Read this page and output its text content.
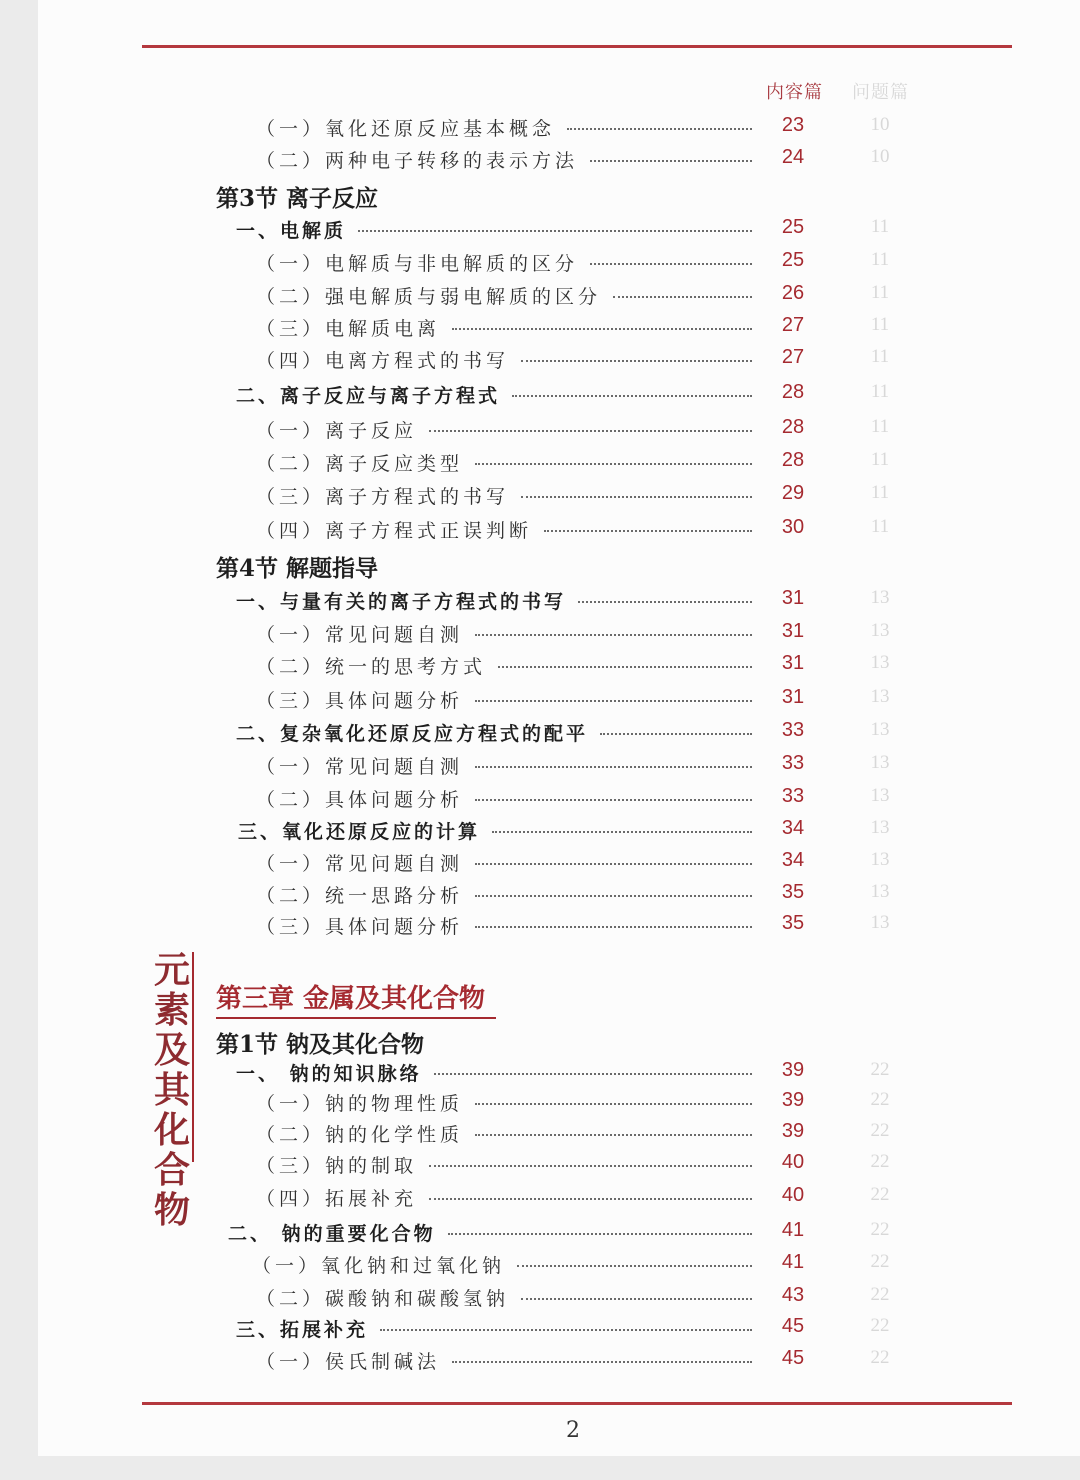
内容篇 问题篇
（一）氧化还原反应基本概念	23	10
（二）两种电子转移的表示方法	24	10
第3节 离子反应
一、电解质	25	11
（一）电解质与非电解质的区分	25	11
（二）强电解质与弱电解质的区分	26	11
（三）电解质电离	27	11
（四）电离方程式的书写	27	11
二、离子反应与离子方程式	28	11
（一）离子反应	28	11
（二）离子反应类型	28	11
（三）离子方程式的书写	29	11
（四）离子方程式正误判断	30	11
第4节 解题指导
一、与量有关的离子方程式的书写	31	13
（一）常见问题自测	31	13
（二）统一的思考方式	31	13
（三）具体问题分析	31	13
二、复杂氧化还原反应方程式的配平	33	13
（一）常见问题自测	33	13
（二）具体问题分析	33	13
三、氧化还原反应的计算	34	13
（一）常见问题自测	34	13
（二）统一思路分析	35	13
（三）具体问题分析	35	13
第1节 钠及其化合物
一、 钠的知识脉络	39	22
（一）钠的物理性质	39	22
（二）钠的化学性质	39	22
（三）钠的制取	40	22
（四）拓展补充	40	22
二、 钠的重要化合物	41	22
（一）氧化钠和过氧化钠	41	22
（二）碳酸钠和碳酸氢钠	43	22
三、拓展补充	45	22
（一）侯氏制碱法	45	22
元
素
及
其
化
合
物
第三章 金属及其化合物
2
